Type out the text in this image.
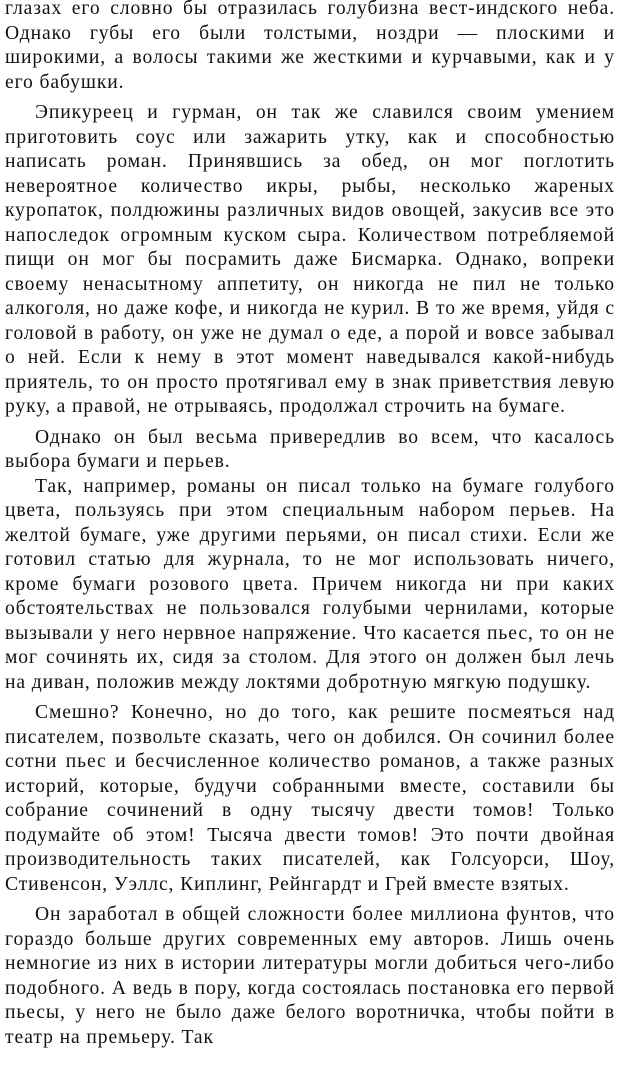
глазах его словно бы отразилась голубизна вест-индского неба. Однако губы его были толстыми, ноздри — плоскими и широкими, а волосы такими же жесткими и курчавыми, как и у его бабушки.

Эпикуреец и гурман, он так же славился своим умением приготовить соус или зажарить утку, как и способностью написать роман. Принявшись за обед, он мог поглотить невероятное количество икры, рыбы, несколько жареных куропаток, полдюжины различных видов овощей, закусив все это напоследок огромным куском сыра. Количеством потребляемой пищи он мог бы посрамить даже Бисмарка. Однако, вопреки своему ненасытному аппетиту, он никогда не пил не только алкоголя, но даже кофе, и никогда не курил. В то же время, уйдя с головой в работу, он уже не думал о еде, а порой и вовсе забывал о ней. Если к нему в этот момент наведывался какой-нибудь приятель, то он просто протягивал ему в знак приветствия левую руку, а правой, не отрываясь, продолжал строчить на бумаге.

Однако он был весьма привередлив во всем, что касалось выбора бумаги и перьев.

Так, например, романы он писал только на бумаге голубого цвета, пользуясь при этом специальным набором перьев. На желтой бумаге, уже другими перьями, он писал стихи. Если же готовил статью для журнала, то не мог использовать ничего, кроме бумаги розового цвета. Причем никогда ни при каких обстоятельствах не пользовался голубыми чернилами, которые вызывали у него нервное напряжение. Что касается пьес, то он не мог сочинять их, сидя за столом. Для этого он должен был лечь на диван, положив между локтями добротную мягкую подушку.

Смешно? Конечно, но до того, как решите посмеяться над писателем, позвольте сказать, чего он добился. Он сочинил более сотни пьес и бесчисленное количество романов, а также разных историй, которые, будучи собранными вместе, составили бы собрание сочинений в одну тысячу двести томов! Только подумайте об этом! Тысяча двести томов! Это почти двойная производительность таких писателей, как Голсуорси, Шоу, Стивенсон, Уэллс, Киплинг, Рейнгардт и Грей вместе взятых.

Он заработал в общей сложности более миллиона фунтов, что гораздо больше других современных ему авторов. Лишь очень немногие из них в истории литературы могли добиться чего-либо подобного. А ведь в пору, когда состоялась постановка его первой пьесы, у него не было даже белого воротничка, чтобы пойти в театр на премьеру. Так
